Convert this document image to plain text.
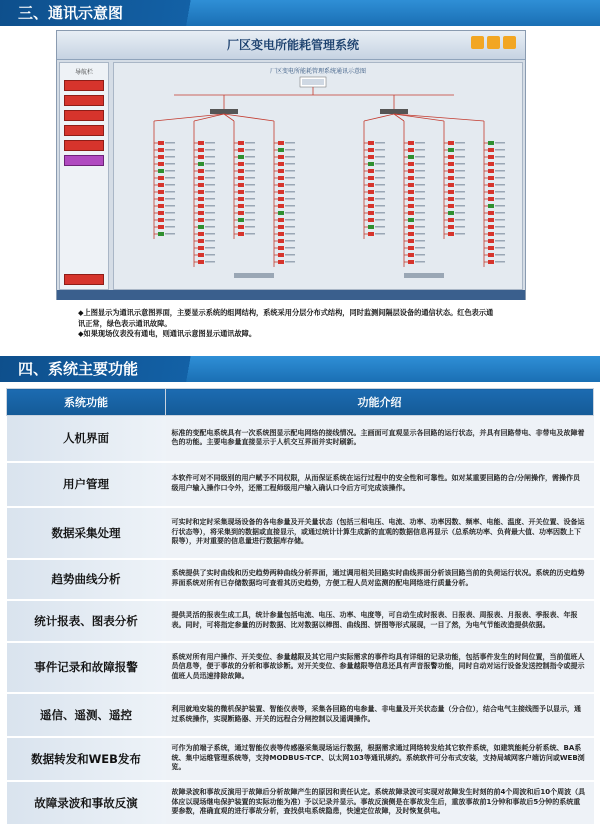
三、通讯示意图
厂区变电所能耗管理系统
导航栏	厂区变电所能耗管理系统通讯示意图

◆上图显示为通讯示意图界面，主要显示系统的组网结构，系统采用分层分布式结构，同时监测间隔层设备的通信状态。红色表示通讯正常，绿色表示通讯故障。

◆如果现场仪表没有通电，则通讯示意图显示通讯故障。

四、系统主要功能
系统功能	功能介绍
人机界面	标准的变配电系统具有一次系统图显示配电网络的接线情况。主画面可直观显示各回路的运行状态，并具有回路带电、非带电及故障着色的功能。主要电参量直接显示于人机交互界面并实时刷新。
用户管理	本软件可对不同级别的用户赋予不同权限，从而保证系统在运行过程中的安全性和可靠性。如对某重要回路的合/分闸操作，需操作员级用户输入操作口令外，还需工程师级用户输入确认口令后方可完成该操作。
数据采集处理	可实时和定时采集现场设备的各电参量及开关量状态（包括三相电压、电流、功率、功率因数、频率、电能、温度、开关位置、设备运行状态等），将采集到的数据或直接显示，或通过统计计算生成新的直观的数据信息再显示（总系统功率、负荷最大值、功率因数上下限等），并对重要的信息量进行数据库存储。
趋势曲线分析	系统提供了实时曲线和历史趋势两种曲线分析界面，通过调用相关回路实时曲线界面分析该回路当前的负荷运行状况。系统的历史趋势界面系统对所有已存储数据均可查看其历史趋势，方便工程人员对监测的配电网络进行质量分析。
统计报表、图表分析	提供灵活的报表生成工具，统计参量包括电流、电压、功率、电度等，可自动生成时报表、日报表、周报表、月报表、季报表、年报表。同时，可将指定参量的历时数据、比对数据以棒图、曲线图、饼图等形式展现，一目了然，为电气节能改造提供依据。
事件记录和故障报警	系统对所有用户操作、开关变位、参量越限及其它用户实际需求的事件均具有详细的记录功能，包括事件发生的时间位置，当前值班人员信息等，便于事故的分析和事故诊断。对开关变位、参量越限等信息还具有声音报警功能，同时自动对运行设备发送控制指令或提示值班人员迅速排除故障。
遥信、遥测、遥控	利用就地安装的微机保护装置、智能仪表等，采集各回路的电参量、非电量及开关状态量（分合位），结合电气主接线图予以显示，通过系统操作，实现断路器、开关的远程合分闸控制以及遥调操作。
数据转发和WEB发布	可作为前端子系统，通过智能仪表等传感器采集现场运行数据，根据需求通过网络转发给其它软件系统，如建筑能耗分析系统、BA系统、集中运维管理系统等，支持MODBUS-TCP、以太网103等通讯规约。系统软件可分布式安装，支持局域网客户端访问或WEB浏览。
故障录波和事故反演	故障录波和事故反演用于故障后分析故障产生的原因和责任认定。系统故障录波可实现对故障发生时刻的前4个周波和后10个周波（具体应以现场继电保护装置的实际功能为准）予以记录并显示。事故反演侧是在事故发生后，重放事故前1分钟和事故后5分钟的系统重要参数，准确直观的进行事故分析，查找供电系统隐患，快速定位故障，及时恢复供电。
